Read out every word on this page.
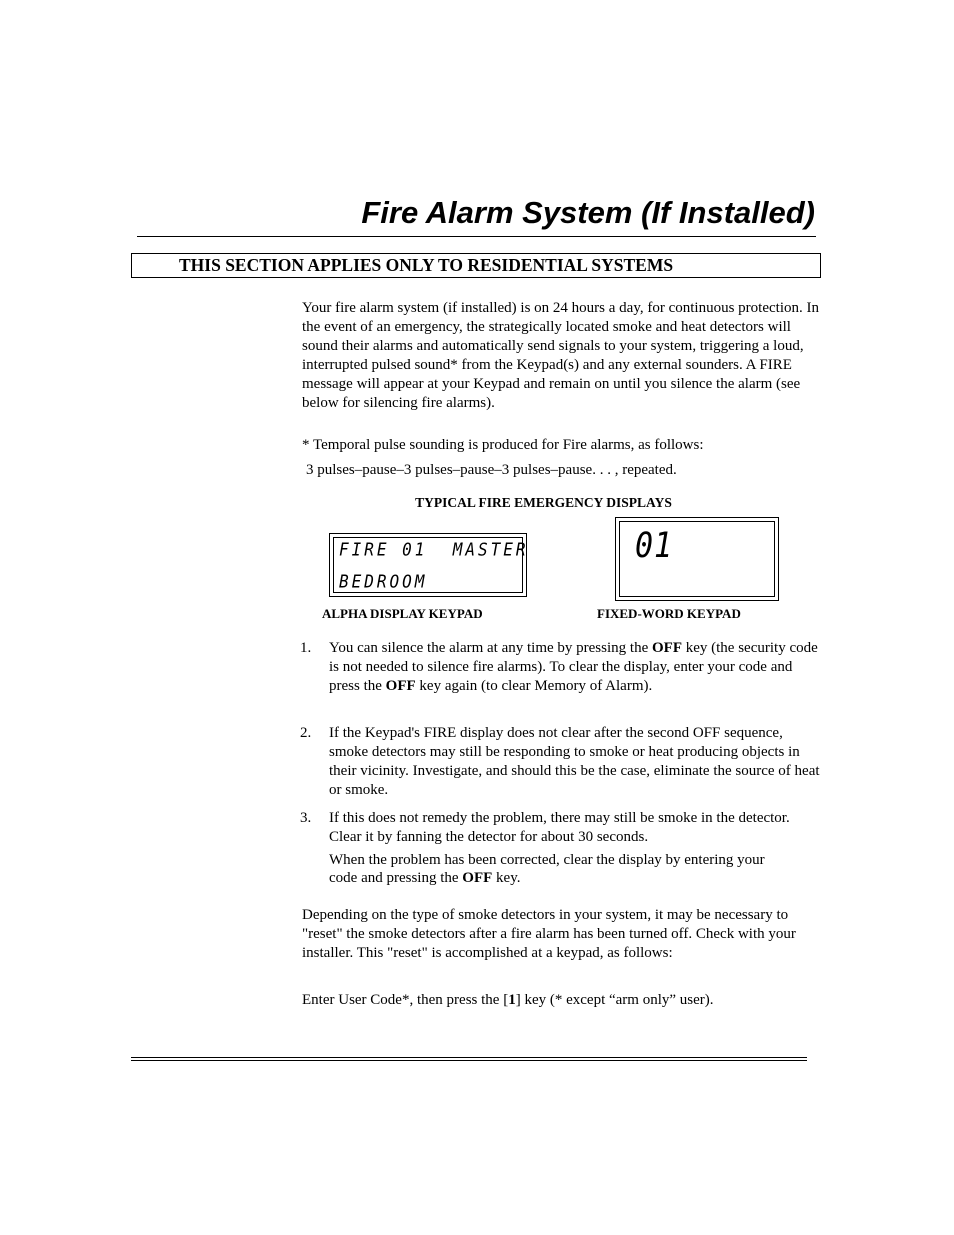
Fire Alarm System (If Installed)
THIS SECTION APPLIES ONLY TO RESIDENTIAL SYSTEMS
Your fire alarm system (if installed) is on 24 hours a day, for continuous protection. In the event of an emergency, the strategically located smoke and heat detectors will sound their alarms and automatically send signals to your system, triggering a loud, interrupted pulsed sound* from the Keypad(s) and any external sounders. A FIRE message will appear at your Keypad and remain on until you silence the alarm (see below for silencing fire alarms).
* Temporal pulse sounding is produced for Fire alarms, as follows:
3 pulses–pause–3 pulses–pause–3 pulses–pause. . . , repeated.
TYPICAL FIRE EMERGENCY DISPLAYS
FIRE 01  MASTER
BEDROOM
01
ALPHA DISPLAY KEYPAD	FIXED-WORD KEYPAD
1. You can silence the alarm at any time by pressing the OFF key (the security code is not needed to silence fire alarms). To clear the display, enter your code and press the OFF key again (to clear Memory of Alarm).
2. If the Keypad's FIRE display does not clear after the second OFF sequence, smoke detectors may still be responding to smoke or heat producing objects in their vicinity. Investigate, and should this be the case, eliminate the source of heat or smoke.
3. If this does not remedy the problem, there may still be smoke in the detector. Clear it by fanning the detector for about 30 seconds.
When the problem has been corrected, clear the display by entering your code and pressing the OFF key.
Depending on the type of smoke detectors in your system, it may be necessary to "reset" the smoke detectors after a fire alarm has been turned off. Check with your installer. This "reset" is accomplished at a keypad, as follows:
Enter User Code*, then press the [1] key (* except “arm only” user).
